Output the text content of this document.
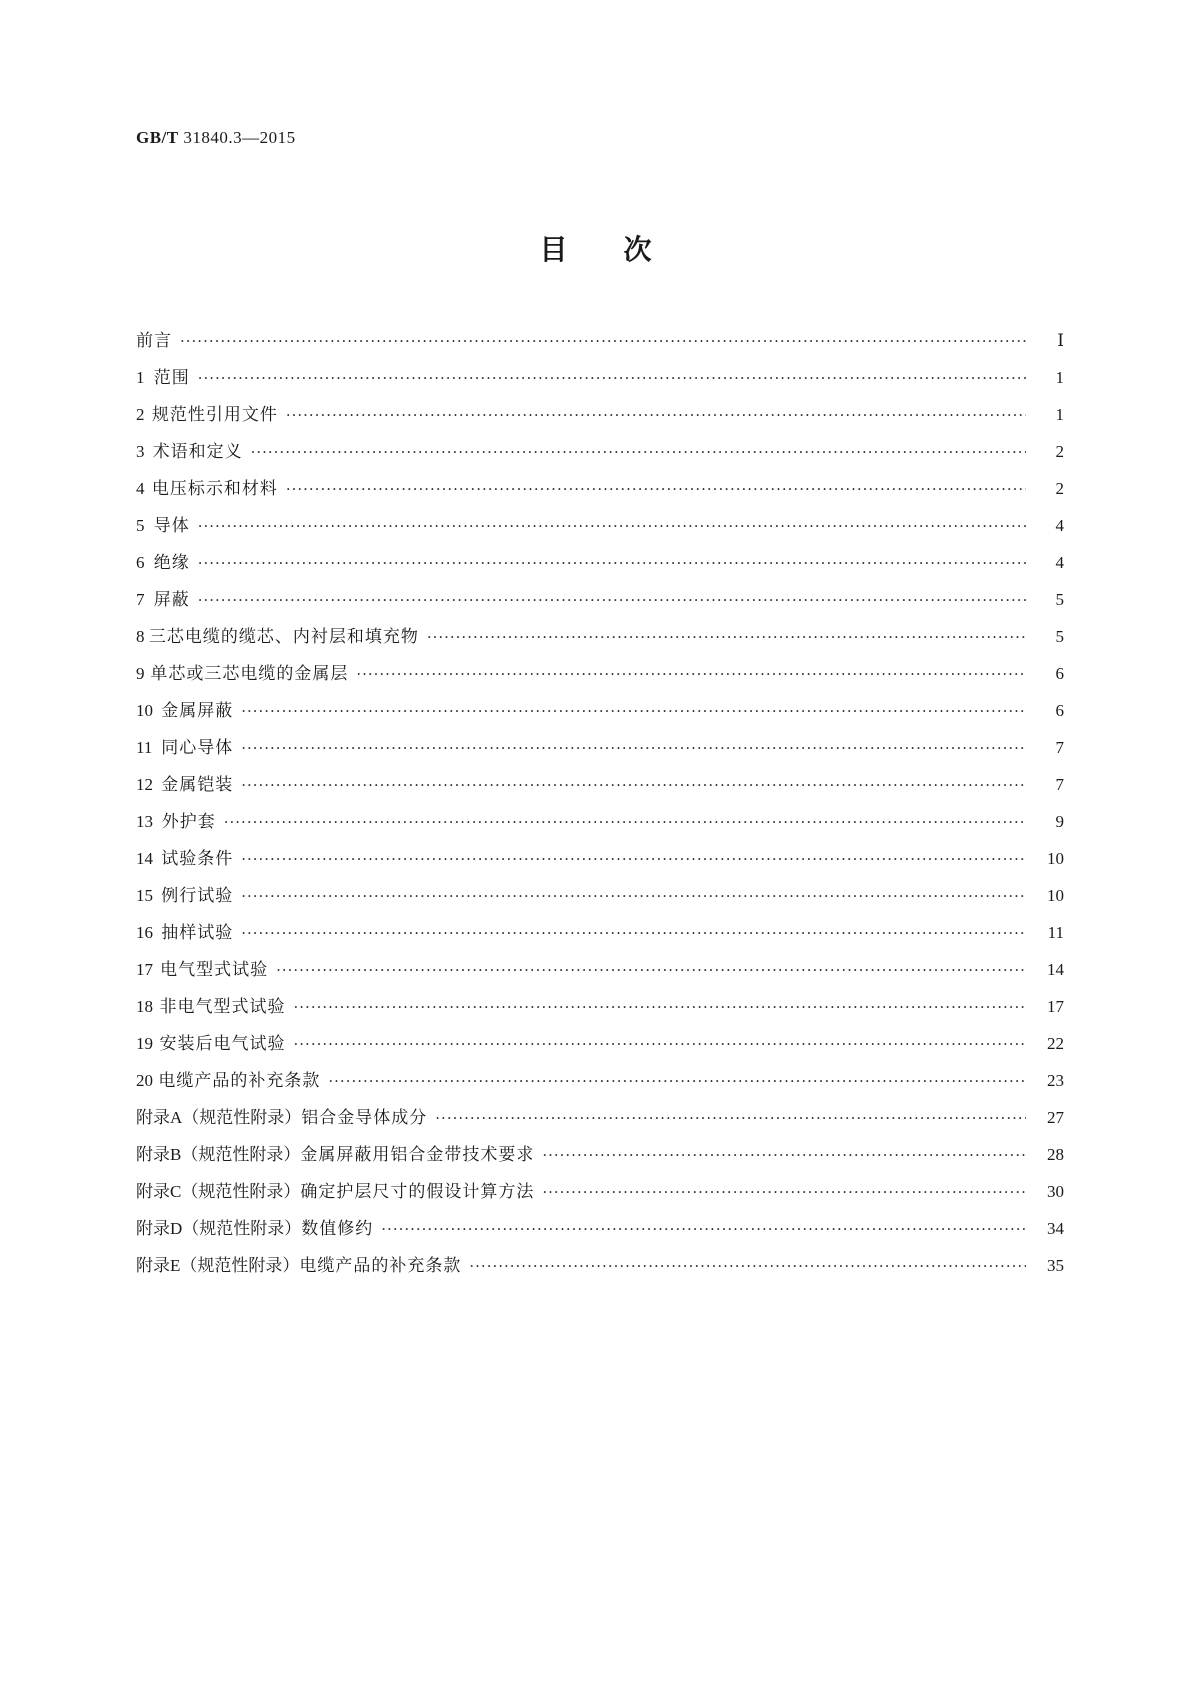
GB/T 31840.3—2015
目次
前言 ·····	Ⅰ
1 范围 ·····	1
2 规范性引用文件 ·····	1
3 术语和定义 ·····	2
4 电压标示和材料 ·····	2
5 导体 ·····	4
6 绝缘 ·····	4
7 屏蔽 ·····	5
8 三芯电缆的缆芯、内衬层和填充物 ·····	5
9 单芯或三芯电缆的金属层 ·····	6
10 金属屏蔽 ·····	6
11 同心导体 ·····	7
12 金属铠装 ·····	7
13 外护套 ·····	9
14 试验条件 ·····	10
15 例行试验 ·····	10
16 抽样试验 ·····	11
17 电气型式试验 ·····	14
18 非电气型式试验 ·····	17
19 安装后电气试验 ·····	22
20 电缆产品的补充条款 ·····	23
附录A（规范性附录） 铝合金导体成分 ·····	27
附录B（规范性附录） 金属屏蔽用铝合金带技术要求 ·····	28
附录C（规范性附录） 确定护层尺寸的假设计算方法 ·····	30
附录D（规范性附录） 数值修约 ·····	34
附录E（规范性附录） 电缆产品的补充条款 ·····	35
